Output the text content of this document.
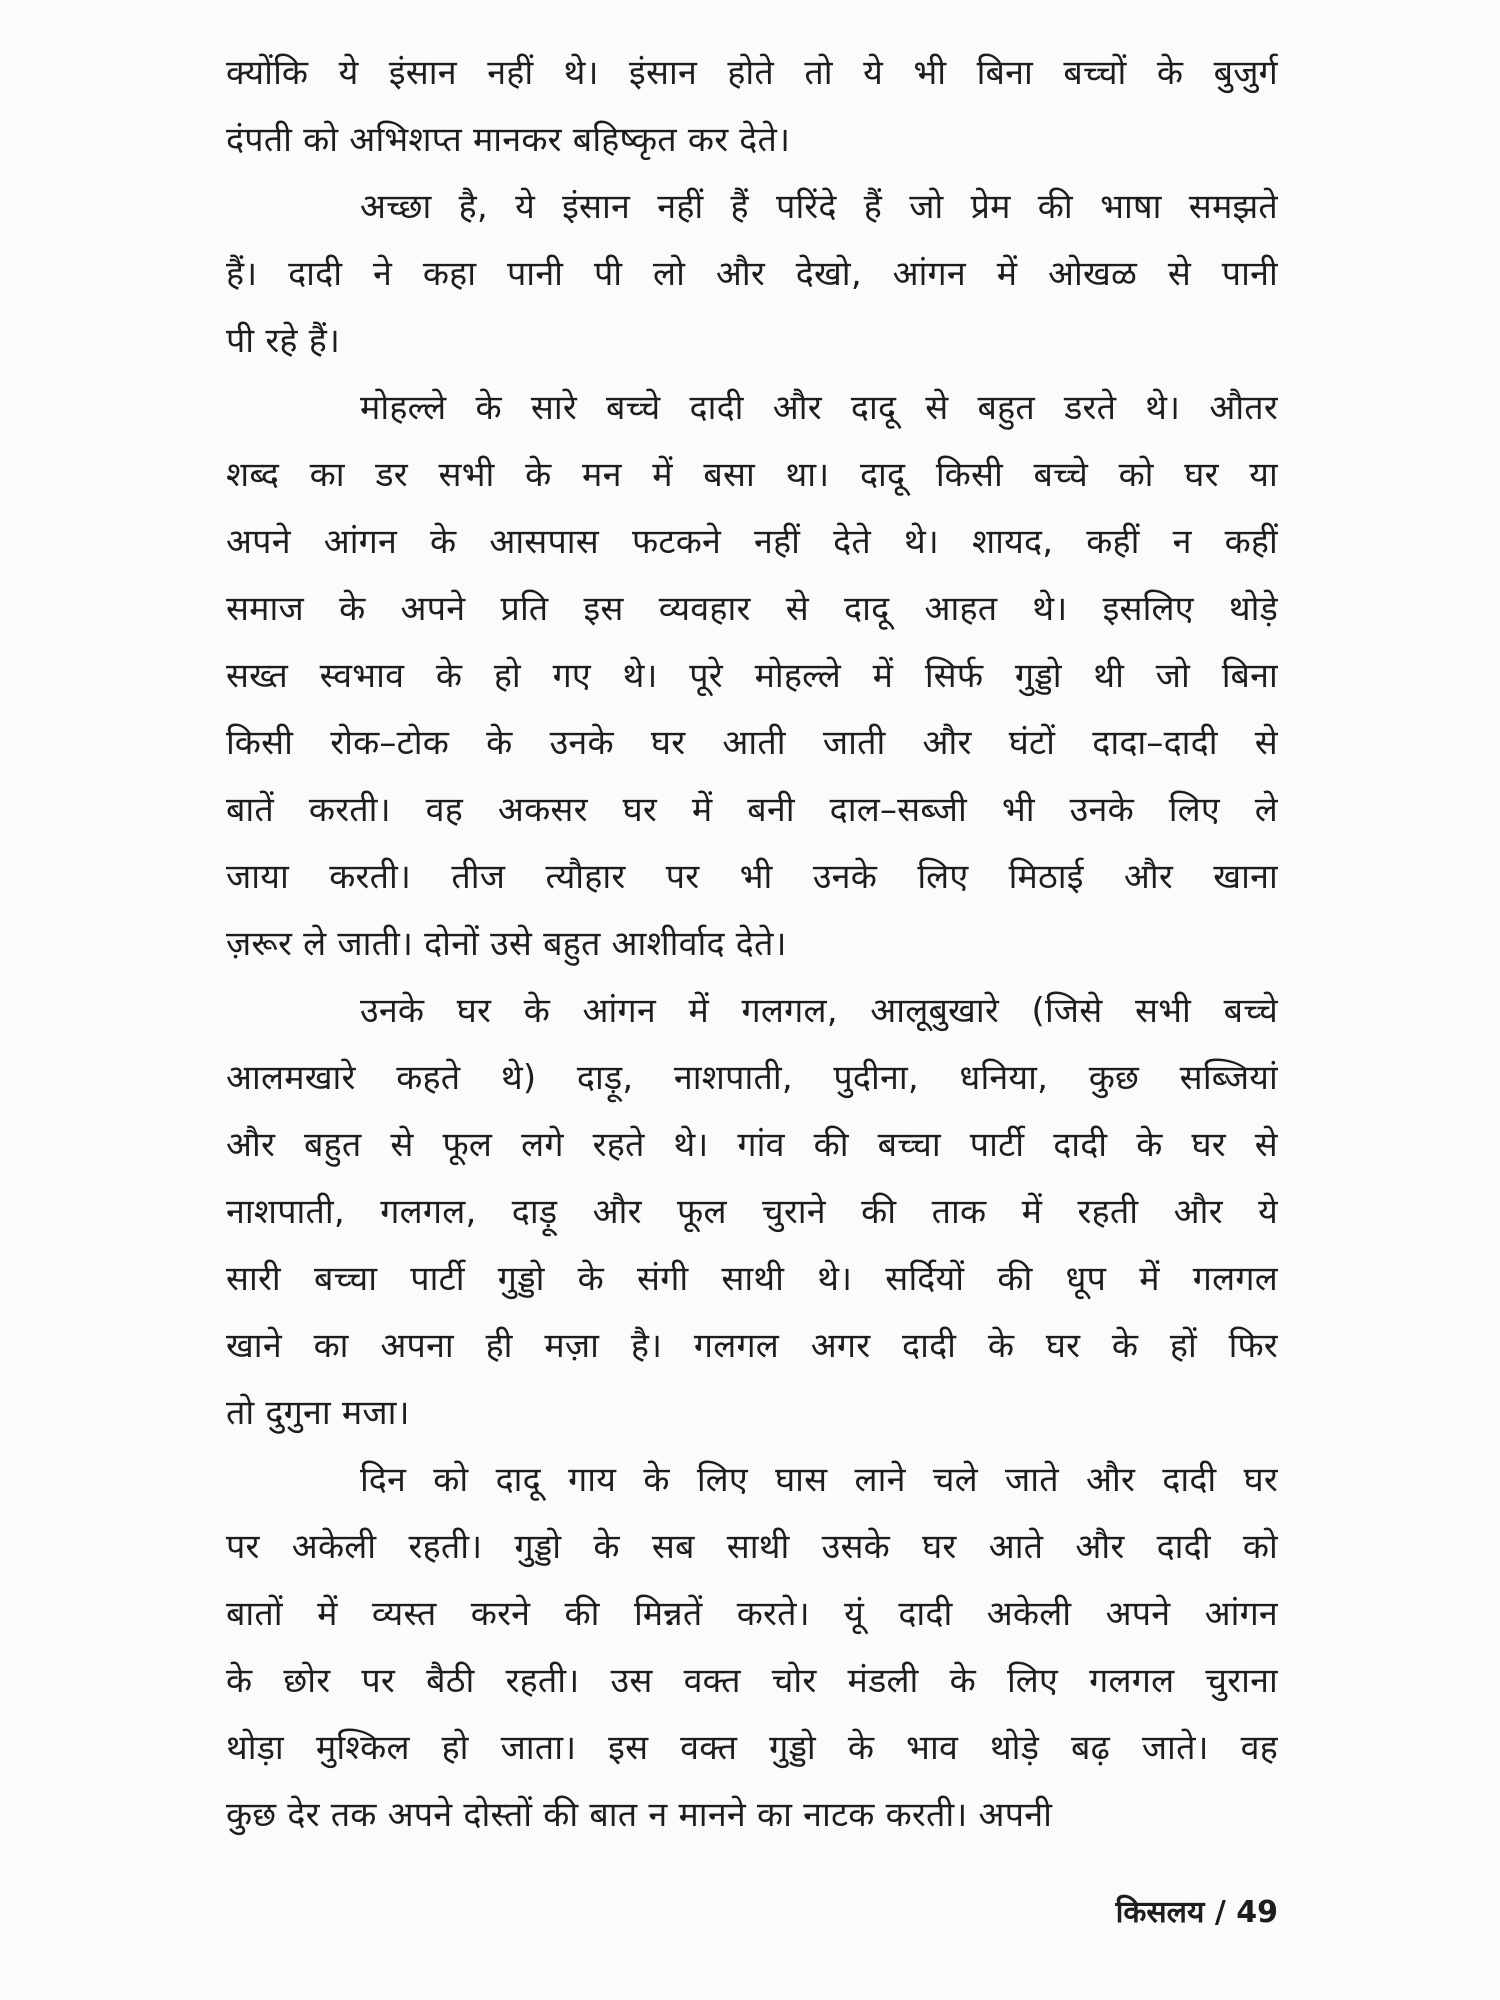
क्योंकि ये इंसान नहीं थे। इंसान होते तो ये भी बिना बच्चों के बुजुर्ग
दंपती को अभिशप्त मानकर बहिष्कृत कर देते।
अच्छा है, ये इंसान नहीं हैं परिंदे हैं जो प्रेम की भाषा समझते
हैं। दादी ने कहा पानी पी लो और देखो, आंगन में ओखळ से पानी
पी रहे हैं।
मोहल्ले के सारे बच्चे दादी और दादू से बहुत डरते थे। औतर
शब्द का डर सभी के मन में बसा था। दादू किसी बच्चे को घर या
अपने आंगन के आसपास फटकने नहीं देते थे। शायद, कहीं न कहीं
समाज के अपने प्रति इस व्यवहार से दादू आहत थे। इसलिए थोड़े
सख्त स्वभाव के हो गए थे। पूरे मोहल्ले में सिर्फ गुड्डो थी जो बिना
किसी रोक–टोक के उनके घर आती जाती और घंटों दादा–दादी से
बातें करती। वह अकसर घर में बनी दाल–सब्जी भी उनके लिए ले
जाया करती। तीज त्यौहार पर भी उनके लिए मिठाई और खाना
ज़रूर ले जाती। दोनों उसे बहुत आशीर्वाद देते।
उनके घर के आंगन में गलगल, आलूबुखारे (जिसे सभी बच्चे
आलमखारे कहते थे) दाड़ू, नाशपाती, पुदीना, धनिया, कुछ सब्जियां
और बहुत से फूल लगे रहते थे। गांव की बच्चा पार्टी दादी के घर से
नाशपाती, गलगल, दाड़ू और फूल चुराने की ताक में रहती और ये
सारी बच्चा पार्टी गुड्डो के संगी साथी थे। सर्दियों की धूप में गलगल
खाने का अपना ही मज़ा है। गलगल अगर दादी के घर के हों फिर
तो दुगुना मजा।
दिन को दादू गाय के लिए घास लाने चले जाते और दादी घर
पर अकेली रहती। गुड्डो के सब साथी उसके घर आते और दादी को
बातों में व्यस्त करने की मिन्नतें करते। यूं दादी अकेली अपने आंगन
के छोर पर बैठी रहती। उस वक्त चोर मंडली के लिए गलगल चुराना
थोड़ा मुश्किल हो जाता। इस वक्त गुड्डो के भाव थोड़े बढ़ जाते। वह
कुछ देर तक अपने दोस्तों की बात न मानने का नाटक करती। अपनी
किसलय / 49
